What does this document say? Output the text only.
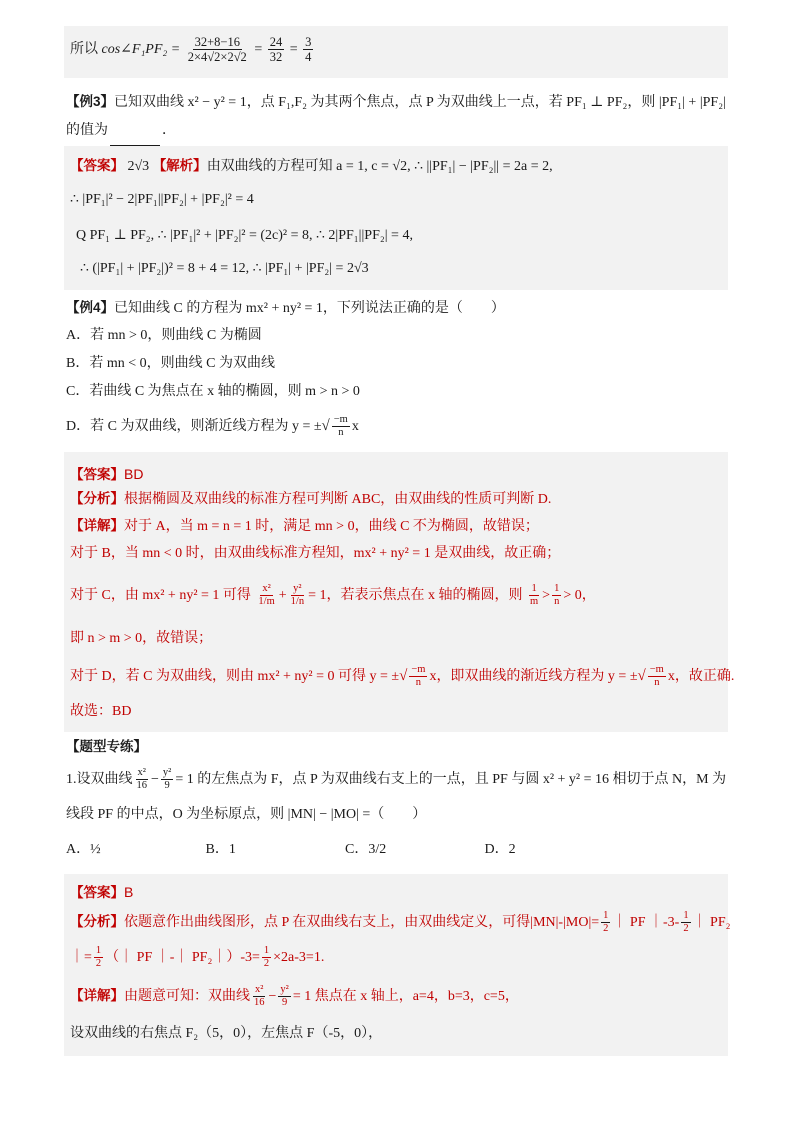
所以 cos∠F₁PF₂ = $\frac{32+8-16}{2\times 4√2\times 2√2} = \frac{24}{32} = \frac{3}{4}$
【例3】已知双曲线 x² − y² = 1，点 F₁,F₂ 为其两个焦点，点 P 为双曲线上一点，若 PF₁ ⊥ PF₂，则 |PF₁| + |PF₂|
的值为	．
【答案】 2√3 【解析】由双曲线的方程可知 a = 1, c = √2, ∴ ||PF₁| − |PF₂|| = 2a = 2,
∴ |PF₁|² − 2|PF₁||PF₂| + |PF₂|² = 4
Q PF₁ ⊥ PF₂, ∴ |PF₁|² + |PF₂|² = (2c)² = 8, ∴ 2|PF₁||PF₂| = 4,
∴ (|PF₁| + |PF₂|)² = 8 + 4 = 12, ∴ |PF₁| + |PF₂| = 2√3
【例4】已知曲线 C 的方程为 mx² + ny² = 1，下列说法正确的是（　　）
A．若 mn > 0，则曲线 C 为椭圆
B．若 mn < 0，则曲线 C 为双曲线
C．若曲线 C 为焦点在 x 轴的椭圆，则 m > n > 0
D．若 C 为双曲线，则渐近线方程为 y = ±√ $\frac{-m}{n}$ x
【答案】BD
【分析】根据椭圆及双曲线的标准方程可判断 ABC，由双曲线的性质可判断 D.
【详解】对于 A，当 m = n = 1 时，满足 mn > 0，曲线 C 不为椭圆，故错误；
对于 B，当 mn < 0 时，由双曲线标准方程知，mx² + ny² = 1 是双曲线，故正确；
对于 C，由 mx² + ny² = 1 可得 $\frac{\text{x²}}{1/m} + \frac{\text{y²}}{1/n} = 1$，若表示焦点在 x 轴的椭圆，则 $\frac{1}{m} > \frac{1}{n} > 0$，
即 n > m > 0，故错误；
对于 D，若 C 为双曲线，则由 mx² + ny² = 0 可得 y = ±√ $\frac{-m}{n}$ x，即双曲线的渐近线方程为 y = ±√ $\frac{-m}{n}$ x，故正确.
故选：BD
【题型专练】
1.设双曲线 $\frac{\text{x²}}{16} - \frac{\text{y²}}{9} = 1$ 的左焦点为 F，点 P 为双曲线右支上的一点，且 PF 与圆 x² + y² = 16 相切于点 N，M 为
线段 PF 的中点，O 为坐标原点，则 |MN| − |MO| =（　　）
A．½	B．1	C．3/2	D．2
【答案】B
【分析】依题意作出曲线图形，点 P 在双曲线右支上，由双曲线定义，可得$|MN|-|MO|= \frac{1}{2}$ ｜ PF ｜-3- $\frac{1}{2}$ ｜ PF₂
｜= $\frac{1}{2}$ （｜ PF ｜-｜ PF₂｜）-3= $\frac{1}{2} \times 2a-3=1$.
【详解】由题意可知：双曲线 $\frac{\text{x²}}{16} - \frac{\text{y²}}{9} = 1$ 焦点在 x 轴上，a=4，b=3，c=5，
设双曲线的右焦点 F₂（5，0），左焦点 F（-5，0），
